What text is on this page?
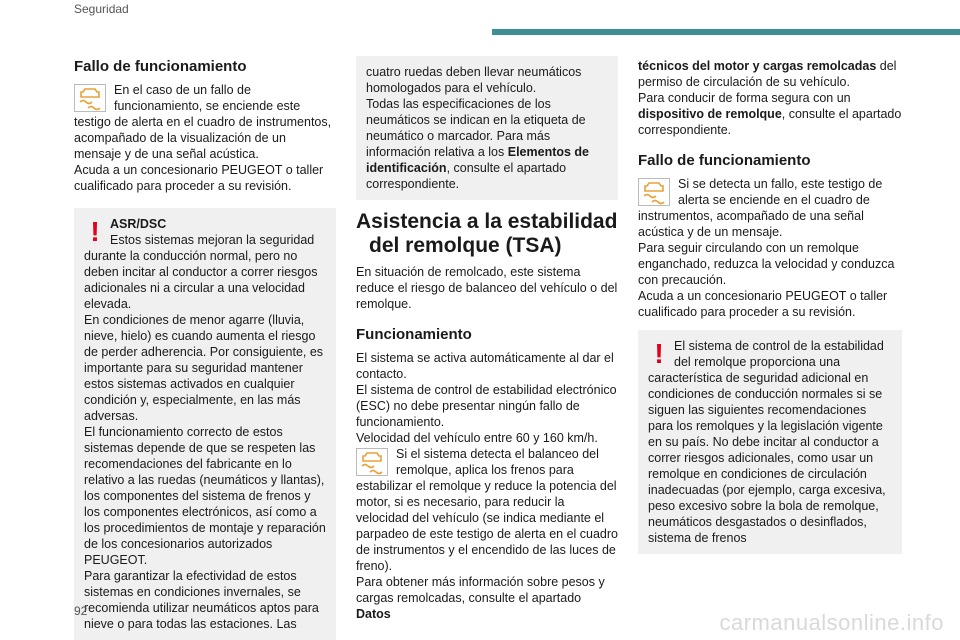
Seguridad
Fallo de funcionamiento

En el caso de un fallo de funcionamiento, se enciende este testigo de alerta en el cuadro de instrumentos, acompañado de la visualización de un mensaje y de una señal acústica.

Acuda a un concesionario PEUGEOT o taller cualificado para proceder a su revisión.

! ASR/DSC

Estos sistemas mejoran la seguridad durante la conducción normal, pero no deben incitar al conductor a correr riesgos adicionales ni a circular a una velocidad elevada.

En condiciones de menor agarre (lluvia, nieve, hielo) es cuando aumenta el riesgo de perder adherencia. Por consiguiente, es importante para su seguridad mantener estos sistemas activados en cualquier condición y, especialmente, en las más adversas.

El funcionamiento correcto de estos sistemas depende de que se respeten las recomendaciones del fabricante en lo relativo a las ruedas (neumáticos y llantas), los componentes del sistema de frenos y los componentes electrónicos, así como a los procedimientos de montaje y reparación de los concesionarios autorizados PEUGEOT.

Para garantizar la efectividad de estos sistemas en condiciones invernales, se recomienda utilizar neumáticos aptos para nieve o para todas las estaciones. Las

cuatro ruedas deben llevar neumáticos homologados para el vehículo.

Todas las especificaciones de los neumáticos se indican en la etiqueta de neumático o marcador. Para más información relativa a los Elementos de identificación, consulte el apartado correspondiente.

Asistencia a la estabilidad
del remolque (TSA)

En situación de remolcado, este sistema reduce el riesgo de balanceo del vehículo o del remolque.

Funcionamiento

El sistema se activa automáticamente al dar el contacto.

El sistema de control de estabilidad electrónico (ESC) no debe presentar ningún fallo de funcionamiento.

Velocidad del vehículo entre 60 y 160 km/h.

Si el sistema detecta el balanceo del remolque, aplica los frenos para estabilizar el remolque y reduce la potencia del motor, si es necesario, para reducir la velocidad del vehículo (se indica mediante el parpadeo de este testigo de alerta en el cuadro de instrumentos y el encendido de las luces de freno).

Para obtener más información sobre pesos y cargas remolcadas, consulte el apartado Datos

técnicos del motor y cargas remolcadas del permiso de circulación de su vehículo.

Para conducir de forma segura con un dispositivo de remolque, consulte el apartado correspondiente.

Fallo de funcionamiento

Si se detecta un fallo, este testigo de alerta se enciende en el cuadro de instrumentos, acompañado de una señal acústica y de un mensaje.

Para seguir circulando con un remolque enganchado, reduzca la velocidad y conduzca con precaución.

Acuda a un concesionario PEUGEOT o taller cualificado para proceder a su revisión.

! El sistema de control de la estabilidad del remolque proporciona una característica de seguridad adicional en condiciones de conducción normales si se siguen las siguientes recomendaciones para los remolques y la legislación vigente en su país. No debe incitar al conductor a correr riesgos adicionales, como usar un remolque en condiciones de circulación inadecuadas (por ejemplo, carga excesiva, peso excesivo sobre la bola de remolque, neumáticos desgastados o desinflados, sistema de frenos

92	carmanualsonline.info
